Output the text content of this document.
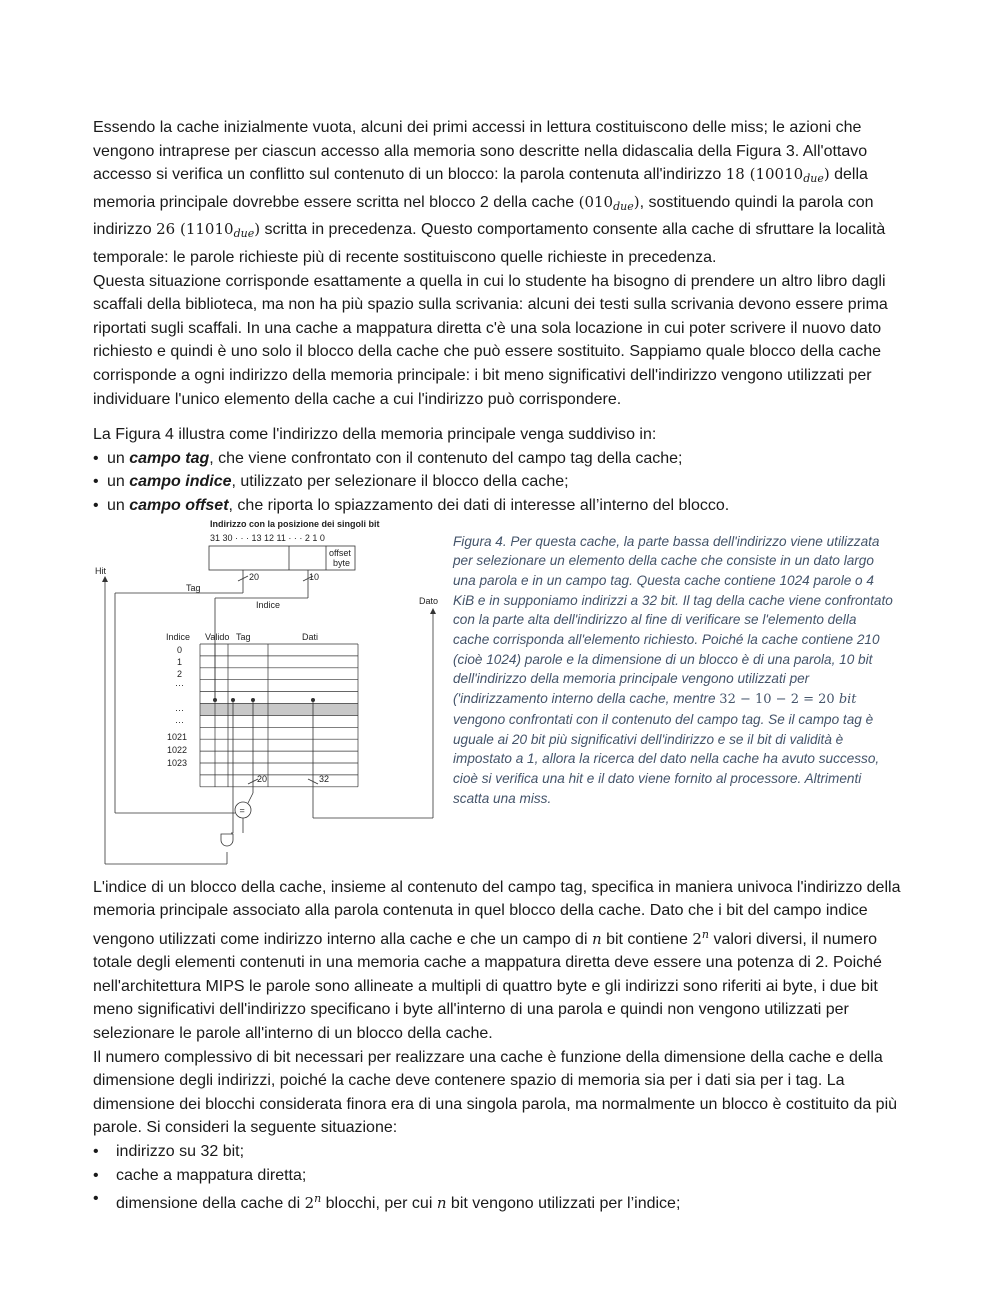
Essendo la cache inizialmente vuota, alcuni dei primi accessi in lettura costituiscono delle miss; le azioni che vengono intraprese per ciascun accesso alla memoria sono descritte nella didascalia della Figura 3. All'ottavo accesso si verifica un conflitto sul contenuto di un blocco: la parola contenuta all'indirizzo 18 $(10010_{due})$ della memoria principale dovrebbe essere scritta nel blocco 2 della cache $(010_{due})$, sostituendo quindi la parola con indirizzo 26 $(11010_{due})$ scritta in precedenza. Questo comportamento consente alla cache di sfruttare la località temporale: le parole richieste più di recente sostituiscono quelle richieste in precedenza.

Questa situazione corrisponde esattamente a quella in cui lo studente ha bisogno di prendere un altro libro dagli scaffali della biblioteca, ma non ha più spazio sulla scrivania: alcuni dei testi sulla scrivania devono essere prima riportati sugli scaffali. In una cache a mappatura diretta c'è una sola locazione in cui poter scrivere il nuovo dato richiesto e quindi è uno solo il blocco della cache che può essere sostituito. Sappiamo quale blocco della cache corrisponde a ogni indirizzo della memoria principale: i bit meno significativi dell'indirizzo vengono utilizzati per individuare l'unico elemento della cache a cui l'indirizzo può corrispondere.

La Figura 4 illustra come l'indirizzo della memoria principale venga suddiviso in:

• un campo tag, che viene confrontato con il contenuto del campo tag della cache;
• un campo indice, utilizzato per selezionare il blocco della cache;
• un campo offset, che riporta lo spiazzamento dei dati di interesse all’interno del blocco.
Indirizzo con la posizione dei singoli bit
31 30 · · · 13 12 11 · · · 2 1 0
offset
byte
20
Tag
Hit
10
Indice	Dato
Indice Valido Tag	Dati
0
1
2
···
···
···
1021
1022
1023
20	32
=
Figura 4. Per questa cache, la parte bassa dell'indirizzo viene utilizzata per selezionare un elemento della cache che consiste in un dato largo una parola e in un campo tag. Questa cache contiene 1024 parole o 4 KiB e in supponiamo indirizzi a 32 bit. Il tag della cache viene confrontato con la parte alta dell'indirizzo al fine di verificare se l'elemento della cache corrisponda all'elemento richiesto. Poiché la cache contiene 210 (cioè 1024) parole e la dimensione di un blocco è di una parola, 10 bit dell'indirizzo della memoria principale vengono utilizzati per ('indirizzamento interno della cache, mentre 32 − 10 − 2 = 20 bit vengono confrontati con il contenuto del campo tag. Se il campo tag è uguale ai 20 bit più significativi dell'indirizzo e se il bit di validità è impostato a 1, allora la ricerca del dato nella cache ha avuto successo, cioè si verifica una hit e il dato viene fornito al processore. Altrimenti scatta una miss.

L'indice di un blocco della cache, insieme al contenuto del campo tag, specifica in maniera univoca l'indirizzo della memoria principale associato alla parola contenuta in quel blocco della cache. Dato che i bit del campo indice vengono utilizzati come indirizzo interno alla cache e che un campo di n bit contiene 2$^n$ valori diversi, il numero totale degli elementi contenuti in una memoria cache a mappatura diretta deve essere una potenza di 2. Poiché nell'architettura MIPS le parole sono allineate a multipli di quattro byte e gli indirizzi sono riferiti ai byte, i due bit meno significativi dell'indirizzo specificano i byte all'interno di una parola e quindi non vengono utilizzati per selezionare le parole all'interno di un blocco della cache.

Il numero complessivo di bit necessari per realizzare una cache è funzione della dimensione della cache e della dimensione degli indirizzi, poiché la cache deve contenere spazio di memoria sia per i dati sia per i tag. La dimensione dei blocchi considerata finora era di una singola parola, ma normalmente un blocco è costituito da più parole. Si consideri la seguente situazione:

• indirizzo su 32 bit;
• cache a mappatura diretta;
• dimensione della cache di 2$^n$ blocchi, per cui n bit vengono utilizzati per l’indice;
